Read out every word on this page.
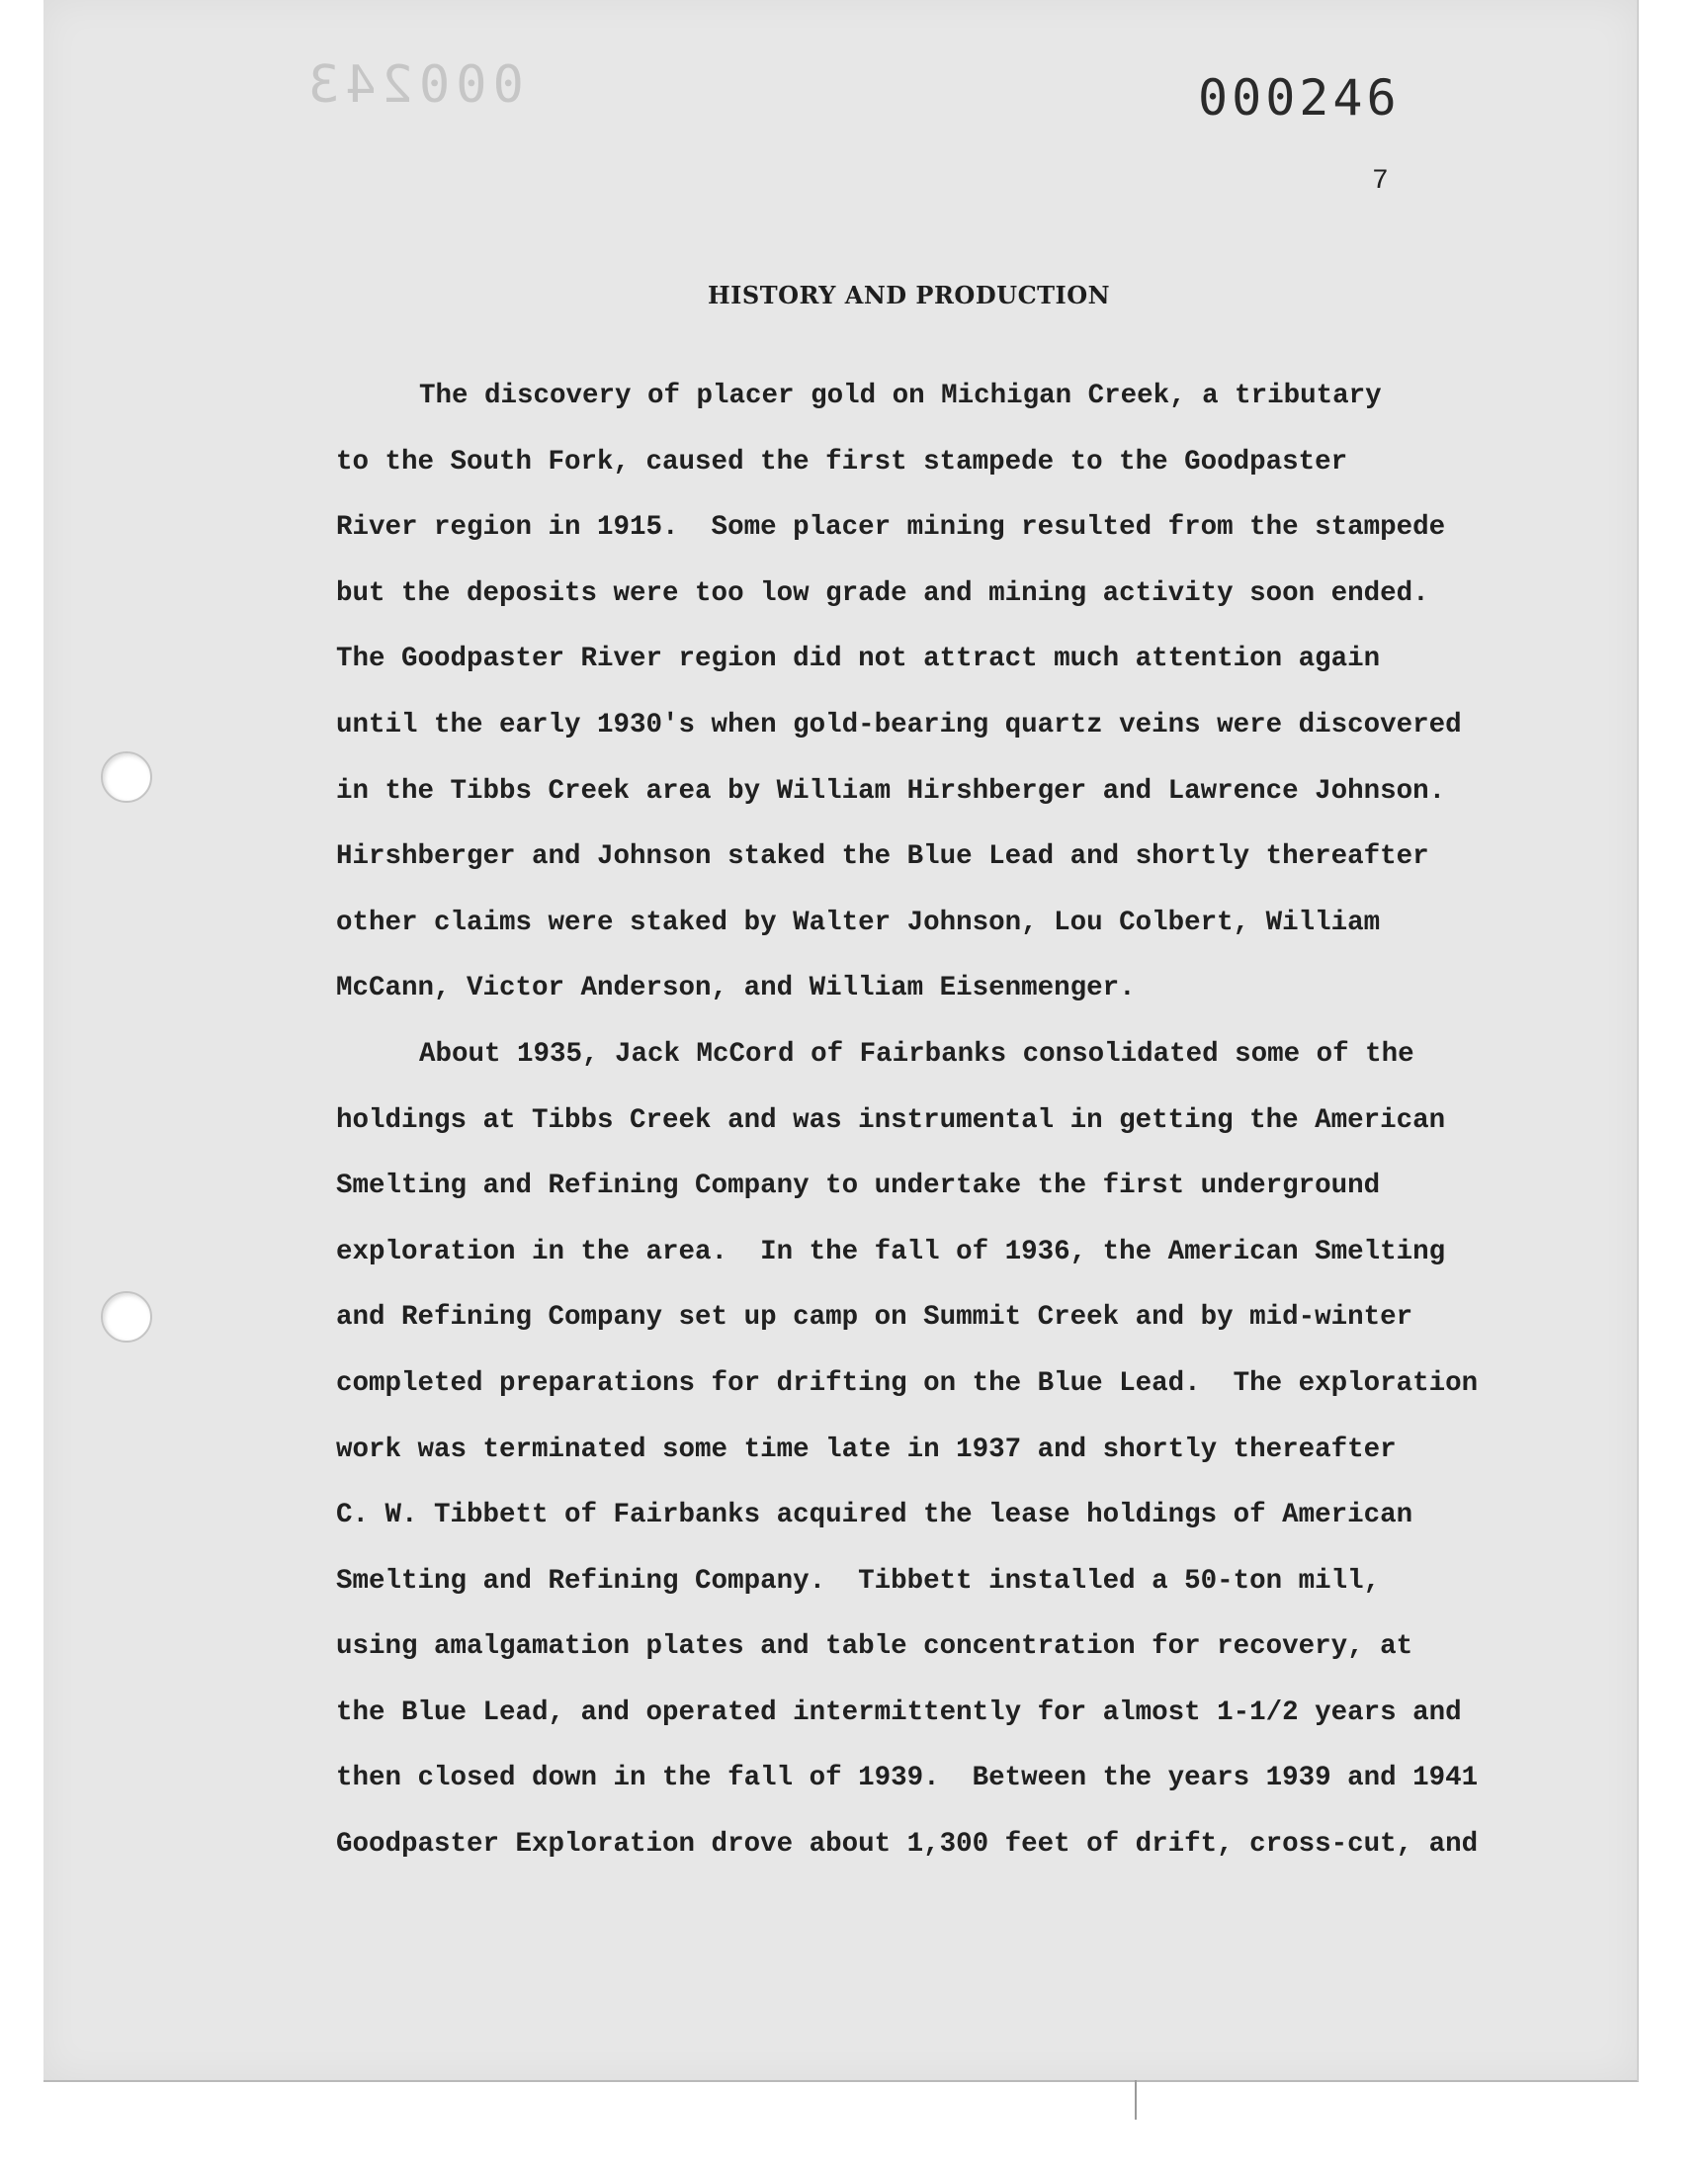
000243	000246
7
HISTORY AND PRODUCTION
The discovery of placer gold on Michigan Creek, a tributary
to the South Fork, caused the first stampede to the Goodpaster
River region in 1915.  Some placer mining resulted from the stampede
but the deposits were too low grade and mining activity soon ended.
The Goodpaster River region did not attract much attention again
until the early 1930's when gold-bearing quartz veins were discovered
in the Tibbs Creek area by William Hirshberger and Lawrence Johnson.
Hirshberger and Johnson staked the Blue Lead and shortly thereafter
other claims were staked by Walter Johnson, Lou Colbert, William
McCann, Victor Anderson, and William Eisenmenger.
About 1935, Jack McCord of Fairbanks consolidated some of the
holdings at Tibbs Creek and was instrumental in getting the American
Smelting and Refining Company to undertake the first underground
exploration in the area.  In the fall of 1936, the American Smelting
and Refining Company set up camp on Summit Creek and by mid-winter
completed preparations for drifting on the Blue Lead.  The exploration
work was terminated some time late in 1937 and shortly thereafter
C. W. Tibbett of Fairbanks acquired the lease holdings of American
Smelting and Refining Company.  Tibbett installed a 50-ton mill,
using amalgamation plates and table concentration for recovery, at
the Blue Lead, and operated intermittently for almost 1-1/2 years and
then closed down in the fall of 1939.  Between the years 1939 and 1941
Goodpaster Exploration drove about 1,300 feet of drift, cross-cut, and
